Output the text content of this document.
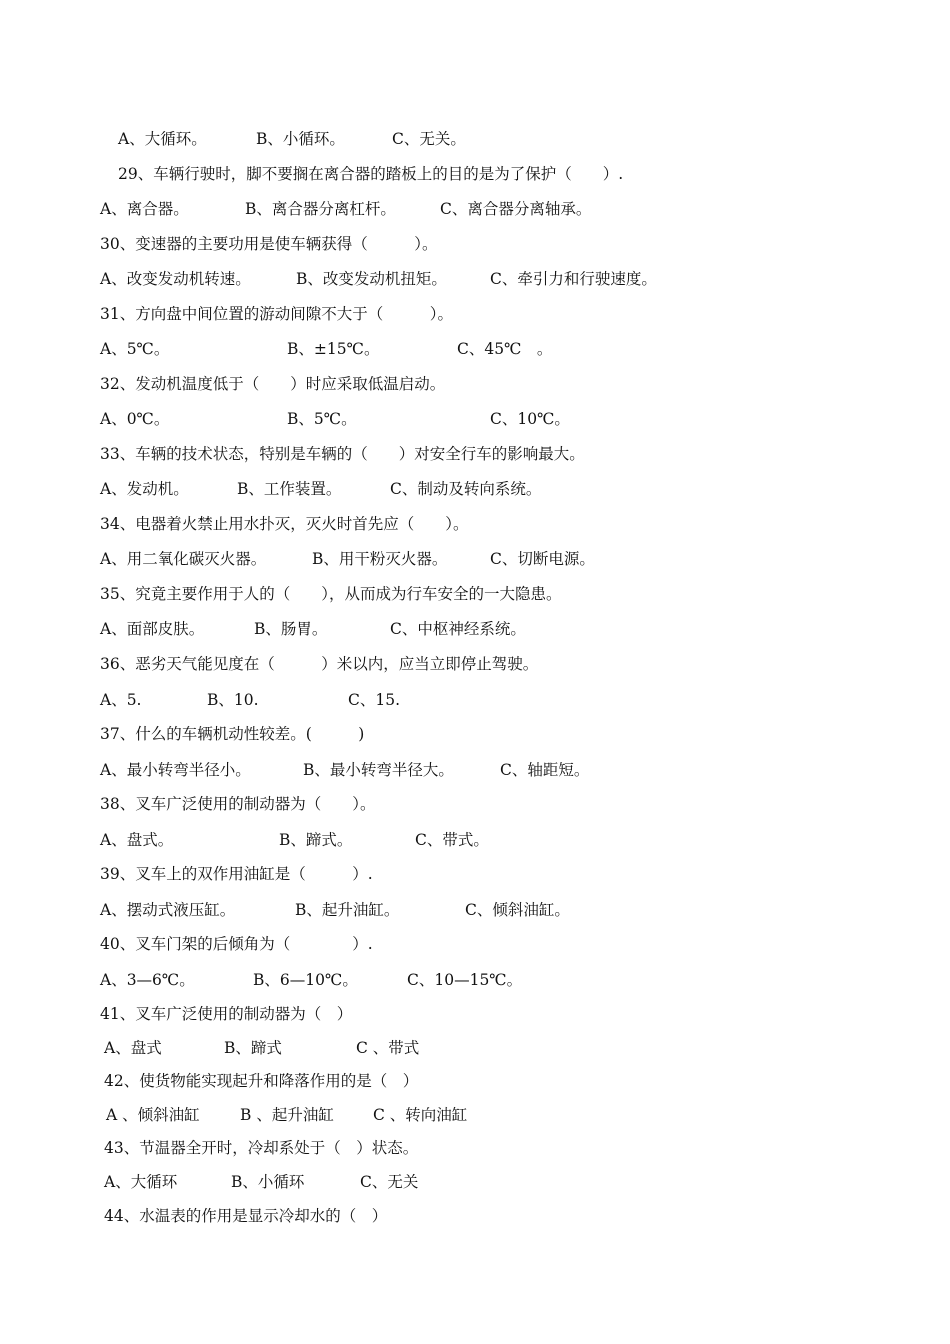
A、大循环。	B、小循环。	C、无关。
29、车辆行驶时，脚不要搁在离合器的踏板上的目的是为了保护（　　）.
A、离合器。	B、离合器分离杠杆。	C、离合器分离轴承。
30、变速器的主要功用是使车辆获得（　　　）。
A、改变发动机转速。	B、改变发动机扭矩。	C、牵引力和行驶速度。
31、方向盘中间位置的游动间隙不大于（　　　）。
A、5℃。	B、±15℃。	C、45℃　。
32、发动机温度低于（　　）时应采取低温启动。
A、0℃。	B、5℃。	C、10℃。
33、车辆的技术状态，特别是车辆的（　　）对安全行车的影响最大。
A、发动机。	B、工作装置。	C、制动及转向系统。
34、电器着火禁止用水扑灭，灭火时首先应（　　）。
A、用二氧化碳灭火器。	B、用干粉灭火器。	C、切断电源。
35、究竟主要作用于人的（　　），从而成为行车安全的一大隐患。
A、面部皮肤。	B、肠胃。	C、中枢神经系统。
36、恶劣天气能见度在（　　　）米以内，应当立即停止驾驶。
A、5.	B、10.	C、15.
37、什么的车辆机动性较差。(　　　)
A、最小转弯半径小。	B、最小转弯半径大。	C、轴距短。
38、叉车广泛使用的制动器为（　　）。
A、盘式。	B、蹄式。	C、带式。
39、叉车上的双作用油缸是（　　　）.
A、摆动式液压缸。	B、起升油缸。	C、倾斜油缸。
40、叉车门架的后倾角为（　　　　）.
A、3—6℃。	B、6—10℃。	C、10—15℃。
41、叉车广泛使用的制动器为（　）
A、盘式	B、蹄式	C 、带式
42、使货物能实现起升和降落作用的是（　）
A 、倾斜油缸	B 、起升油缸	C 、转向油缸
43、节温器全开时，冷却系处于（　）状态。
A、大循环	B、小循环	C、无关
44、水温表的作用是显示冷却水的（　）
